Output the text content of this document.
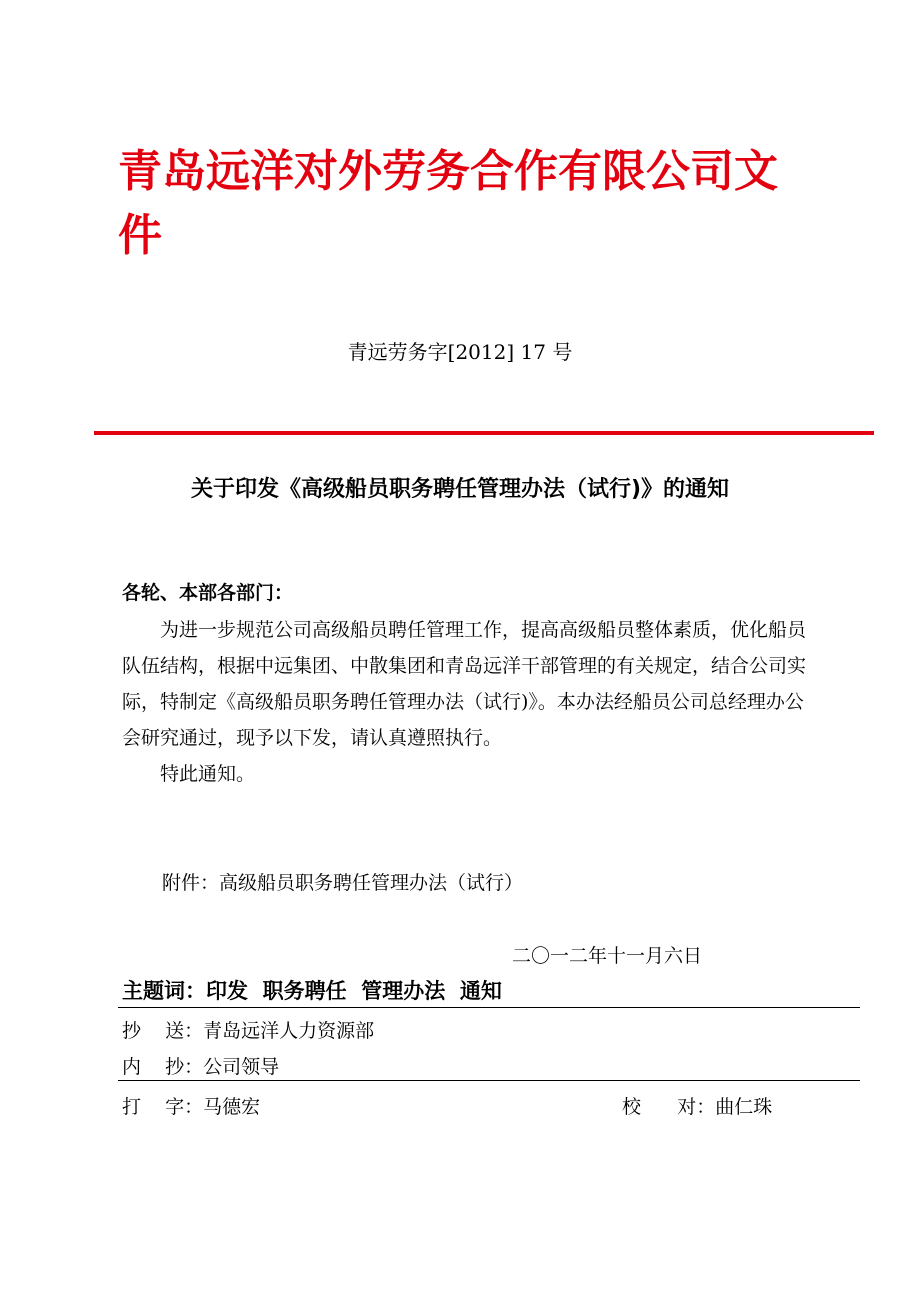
青岛远洋对外劳务合作有限公司文件
青远劳务字[2012] 17 号
关于印发《高级船员职务聘任管理办法（试行)》的通知
各轮、本部各部门：

为进一步规范公司高级船员聘任管理工作，提高高级船员整体素质，优化船员队伍结构，根据中远集团、中散集团和青岛远洋干部管理的有关规定，结合公司实际，特制定《高级船员职务聘任管理办法（试行)》。本办法经船员公司总经理办公会研究通过，现予以下发，请认真遵照执行。

特此通知。

附件：高级船员职务聘任管理办法（试行）
二〇一二年十一月六日
主题词：印发  职务聘任  管理办法  通知
抄    送：青岛远洋人力资源部
内    抄：公司领导
打    字：马德宏	校      对：曲仁珠
